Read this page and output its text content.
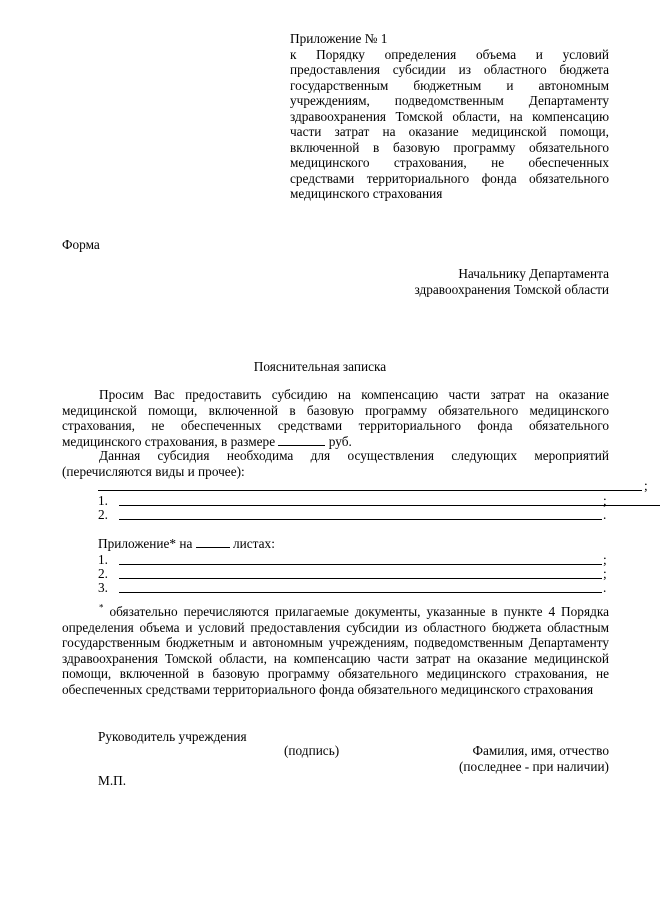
Приложение № 1
к Порядку определения объема и условий предоставления субсидии из областного бюджета государственным бюджетным и автономным учреждениям, подведомственным Департаменту здравоохранения Томской области, на компенсацию части затрат на оказание медицинской помощи, включенной в базовую программу обязательного медицинского страхования, не обеспеченных средствами территориального фонда обязательного медицинского страхования
Форма
Начальнику Департамента
здравоохранения Томской области
Пояснительная записка
Просим Вас предоставить субсидию на компенсацию части затрат на оказание медицинской помощи, включенной в базовую программу обязательного медицинского страхования, не обеспеченных средствами территориального фонда обязательного медицинского страхования, в размере	руб.
Данная субсидия необходима для осуществления следующих мероприятий (перечисляются виды и прочее):
;
1.	;
2.	.
Приложение* на	листах:
1.	;
2.	;
3.	.
* обязательно перечисляются прилагаемые документы, указанные в пункте 4 Порядка определения объема и условий предоставления субсидии из областного бюджета областным государственным бюджетным и автономным учреждениям, подведомственным Департаменту здравоохранения Томской области, на компенсацию части затрат на оказание медицинской помощи, включенной в базовую программу обязательного медицинского страхования, не обеспеченных средствами территориального фонда обязательного медицинского страхования
Руководитель учреждения
(подпись)	Фамилия, имя, отчество
(последнее - при наличии)
М.П.
